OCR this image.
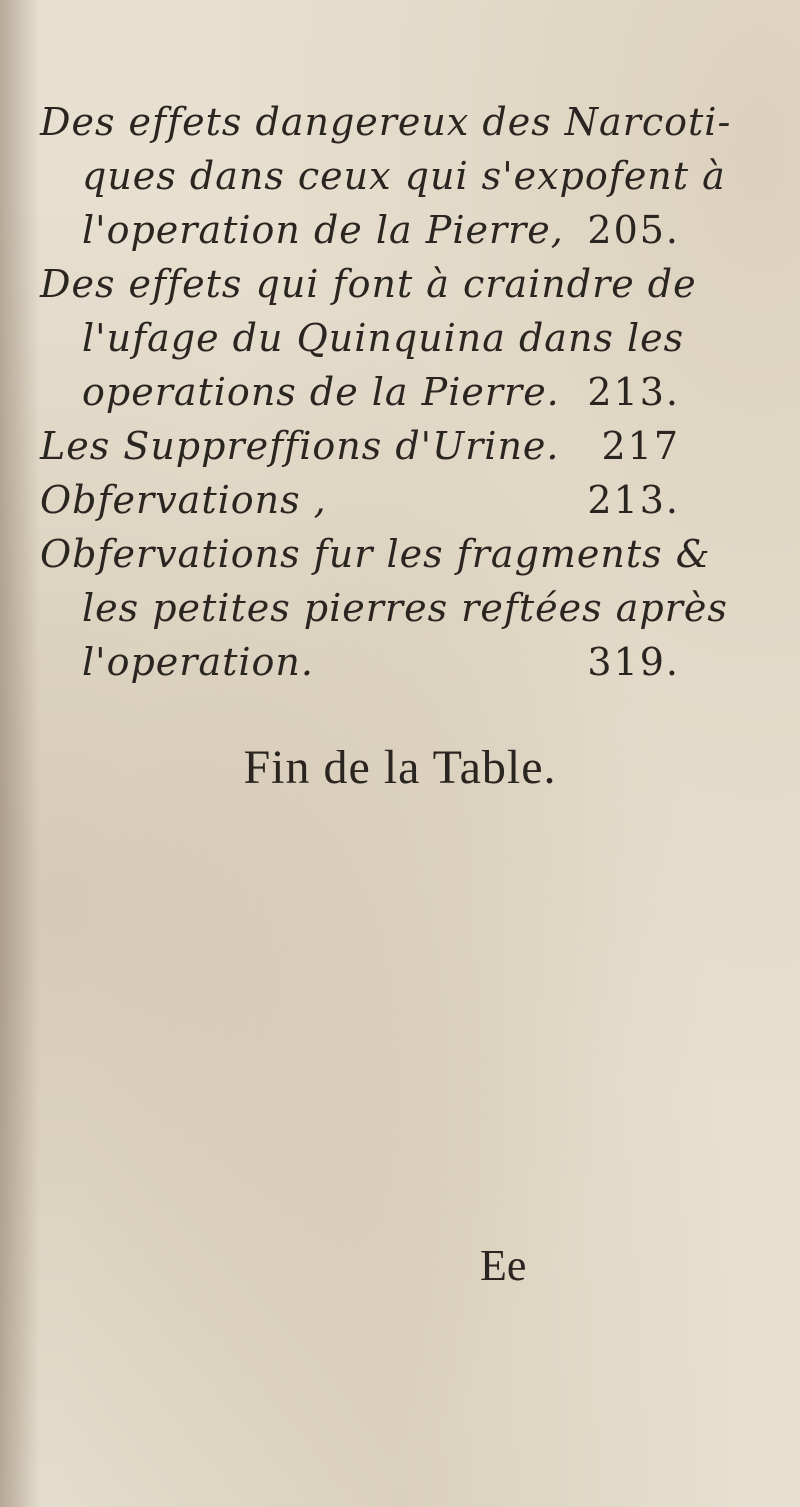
Des effets dangereux des Narcoti-
ques dans ceux qui s'expofent à
l'operation de la Pierre, 205.
Des effets qui font à craindre de
l'ufage du Quinquina dans les
operations de la Pierre. 213.
Les Suppreffions d'Urine. 217
Obfervations ,	213.
Obfervations fur les fragments &
les petites pierres reftées après
l'operation.	319.
Fin de la Table.
Ee
